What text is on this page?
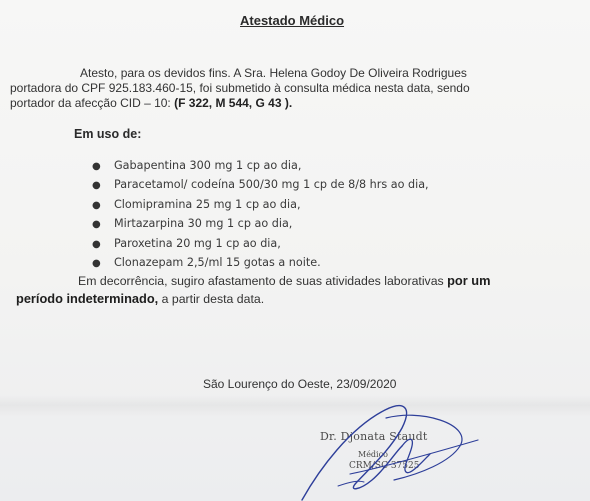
Atestado Médico
Atesto, para os devidos fins. A Sra. Helena Godoy De Oliveira Rodrigues
portadora do CPF 925.183.460-15, foi submetido à consulta médica nesta data, sendo
portador da afecção CID – 10: (F 322, M 544, G 43 ).
Em uso de:
● Gabapentina 300 mg 1 cp ao dia,
● Paracetamol/ codeína 500/30 mg 1 cp de 8/8 hrs ao dia,
● Clomipramina 25 mg 1 cp ao dia,
● Mirtazarpina 30 mg 1 cp ao dia,
● Paroxetina 20 mg 1 cp ao dia,
● Clonazepam 2,5/ml 15 gotas a noite.
Em decorrência, sugiro afastamento de suas atividades laborativas por um
período indeterminado, a partir desta data.
São Lourenço do Oeste, 23/09/2020
Dr. Djonata Staudt
Médico
CRM/SC 37525
